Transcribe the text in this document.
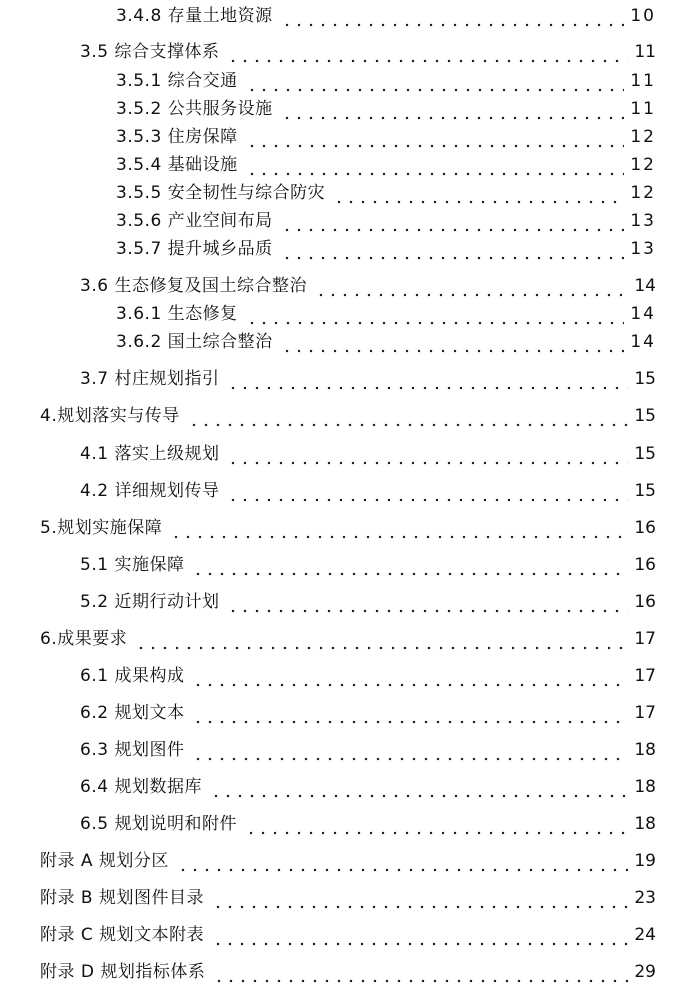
3.4.8 存量土地资源	10
3.5 综合支撑体系	11
3.5.1 综合交通	11
3.5.2 公共服务设施	11
3.5.3 住房保障	12
3.5.4 基础设施	12
3.5.5 安全韧性与综合防灾	12
3.5.6 产业空间布局	13
3.5.7 提升城乡品质	13
3.6 生态修复及国土综合整治	14
3.6.1 生态修复	14
3.6.2 国土综合整治	14
3.7 村庄规划指引	15
4.规划落实与传导	15
4.1 落实上级规划	15
4.2 详细规划传导	15
5.规划实施保障	16
5.1 实施保障	16
5.2 近期行动计划	16
6.成果要求	17
6.1 成果构成	17
6.2 规划文本	17
6.3 规划图件	18
6.4 规划数据库	18
6.5 规划说明和附件	18
附录 A 规划分区	19
附录 B 规划图件目录	23
附录 C 规划文本附表	24
附录 D 规划指标体系	29
